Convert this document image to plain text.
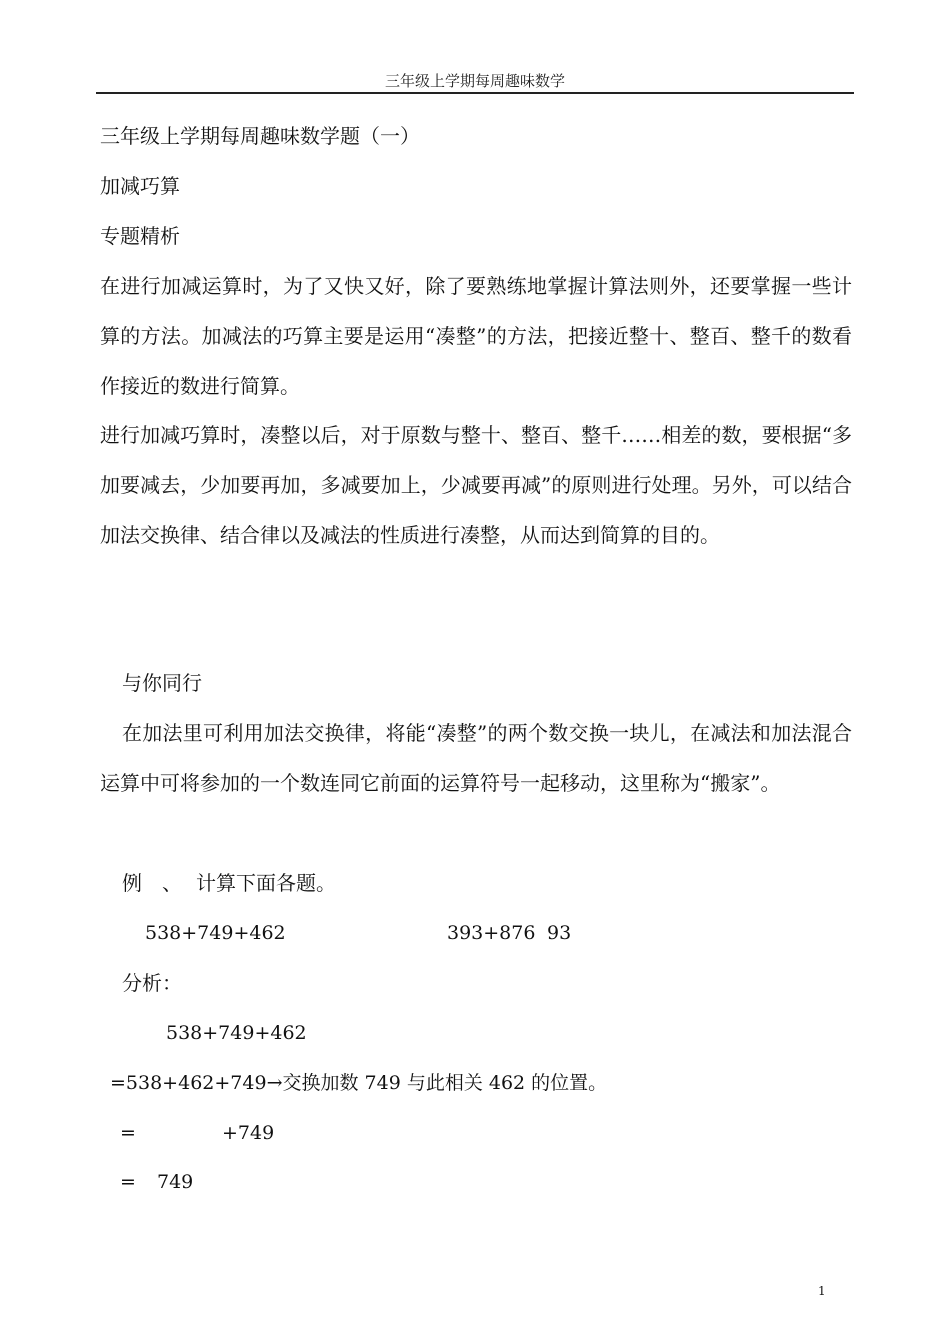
三年级上学期每周趣味数学
三年级上学期每周趣味数学题（一）
加减巧算
专题精析
在进行加减运算时，为了又快又好，除了要熟练地掌握计算法则外，还要掌握一些计算的方法。加减法的巧算主要是运用“凑整”的方法，把接近整十、整百、整千的数看作接近的数进行简算。
进行加减巧算时，凑整以后，对于原数与整十、整百、整千……相差的数，要根据“多加要减去，少加要再加，多减要加上，少减要再减”的原则进行处理。另外，可以结合加法交换律、结合律以及减法的性质进行凑整，从而达到简算的目的。
与你同行
在加法里可利用加法交换律，将能“凑整”的两个数交换一块儿，在减法和加法混合运算中可将参加的一个数连同它前面的运算符号一起移动，这里称为“搬家”。
例 、 计算下面各题。
538+749+462	393+876 93
分析：
538+749+462
=538+462+749→交换加数 749 与此相关 462 的位置。
=	+749
= 749
1
